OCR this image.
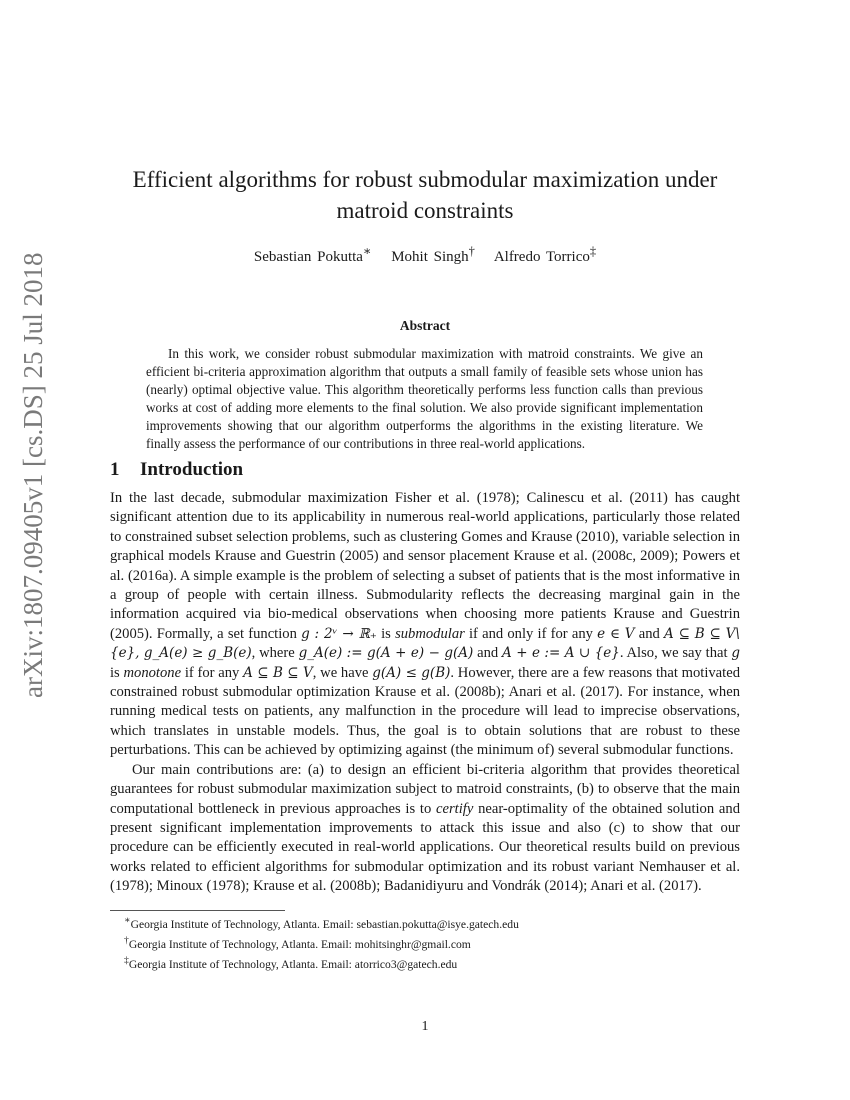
arXiv:1807.09405v1 [cs.DS] 25 Jul 2018
Efficient algorithms for robust submodular maximization under matroid constraints
Sebastian Pokutta∗ Mohit Singh† Alfredo Torrico‡
Abstract
In this work, we consider robust submodular maximization with matroid constraints. We give an efficient bi-criteria approximation algorithm that outputs a small family of feasible sets whose union has (nearly) optimal objective value. This algorithm theoretically performs less function calls than previous works at cost of adding more elements to the final solution. We also provide significant implementation improvements showing that our algorithm outperforms the algorithms in the existing literature. We finally assess the performance of our contributions in three real-world applications.
1 Introduction

In the last decade, submodular maximization Fisher et al. (1978); Calinescu et al. (2011) has caught significant attention due to its applicability in numerous real-world applications, particularly those related to constrained subset selection problems, such as clustering Gomes and Krause (2010), variable selection in graphical models Krause and Guestrin (2005) and sensor placement Krause et al. (2008c, 2009); Powers et al. (2016a). A simple example is the problem of selecting a subset of patients that is the most informative in a group of people with certain illness. Submodularity reflects the decreasing marginal gain in the information acquired via bio-medical observations when choosing more patients Krause and Guestrin (2005). Formally, a set function g : 2ᵛ → ℝ₊ is submodular if and only if for any e ∈ V and A ⊆ B ⊆ V\{e}, g_A(e) ≥ g_B(e), where g_A(e) := g(A + e) − g(A) and A + e := A ∪ {e}. Also, we say that g is monotone if for any A ⊆ B ⊆ V, we have g(A) ≤ g(B). However, there are a few reasons that motivated constrained robust submodular optimization Krause et al. (2008b); Anari et al. (2017). For instance, when running medical tests on patients, any malfunction in the procedure will lead to imprecise observations, which translates in unstable models. Thus, the goal is to obtain solutions that are robust to these perturbations. This can be achieved by optimizing against (the minimum of) several submodular functions.

Our main contributions are: (a) to design an efficient bi-criteria algorithm that provides theoretical guarantees for robust submodular maximization subject to matroid constraints, (b) to observe that the main computational bottleneck in previous approaches is to certify near-optimality of the obtained solution and present significant implementation improvements to attack this issue and also (c) to show that our procedure can be efficiently executed in real-world applications. Our theoretical results build on previous works related to efficient algorithms for submodular optimization and its robust variant Nemhauser et al. (1978); Minoux (1978); Krause et al. (2008b); Badanidiyuru and Vondrák (2014); Anari et al. (2017).

∗Georgia Institute of Technology, Atlanta. Email: sebastian.pokutta@isye.gatech.edu
†Georgia Institute of Technology, Atlanta. Email: mohitsinghr@gmail.com
‡Georgia Institute of Technology, Atlanta. Email: atorrico3@gatech.edu
1
